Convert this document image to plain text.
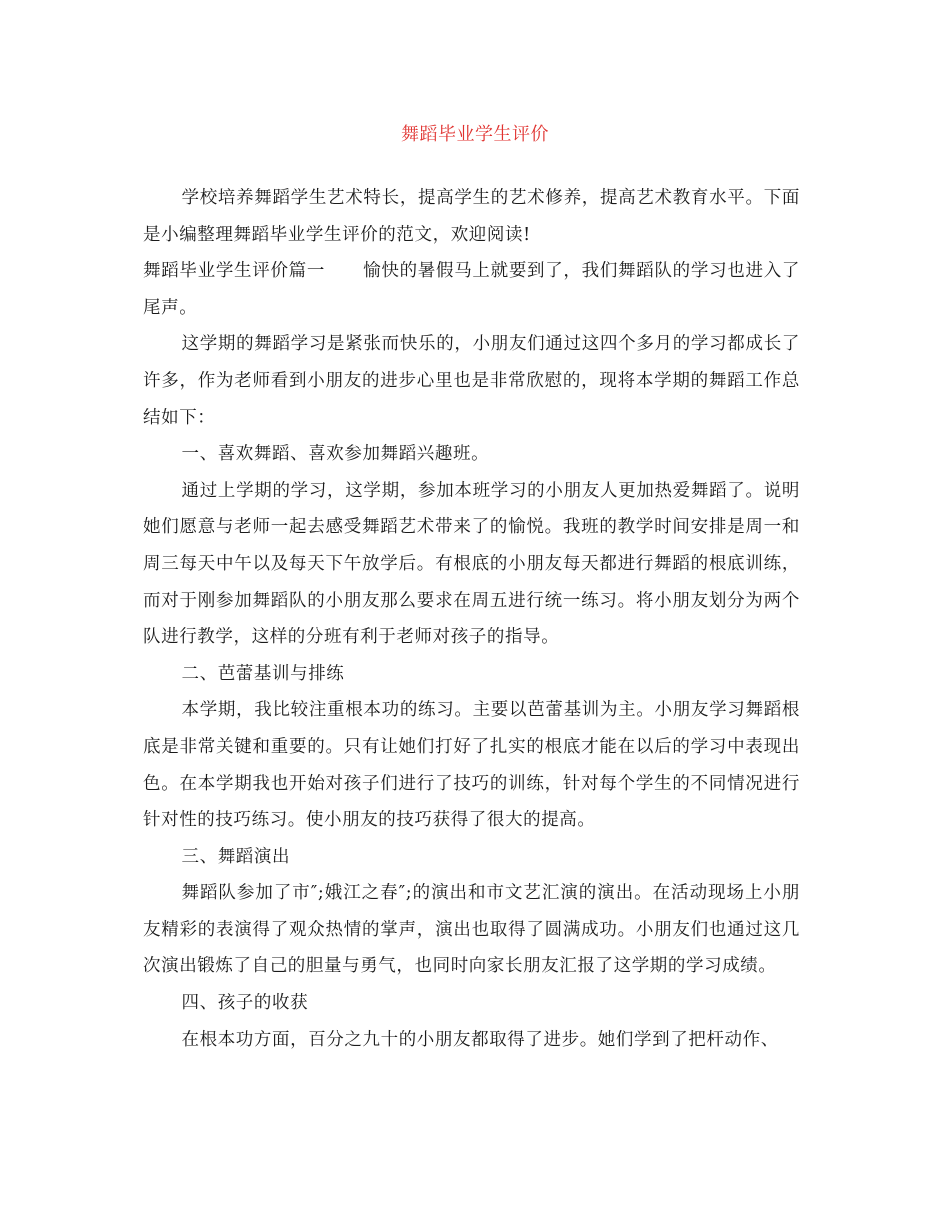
舞蹈毕业学生评价

学校培养舞蹈学生艺术特长，提高学生的艺术修养，提高艺术教育水平。下面是小编整理舞蹈毕业学生评价的范文，欢迎阅读!

舞蹈毕业学生评价篇一 愉快的暑假马上就要到了，我们舞蹈队的学习也进入了尾声。

这学期的舞蹈学习是紧张而快乐的，小朋友们通过这四个多月的学习都成长了许多，作为老师看到小朋友的进步心里也是非常欣慰的，现将本学期的舞蹈工作总结如下：

一、喜欢舞蹈、喜欢参加舞蹈兴趣班。

通过上学期的学习，这学期，参加本班学习的小朋友人更加热爱舞蹈了。说明她们愿意与老师一起去感受舞蹈艺术带来了的愉悦。我班的教学时间安排是周一和周三每天中午以及每天下午放学后。有根底的小朋友每天都进行舞蹈的根底训练，而对于刚参加舞蹈队的小朋友那么要求在周五进行统一练习。将小朋友划分为两个队进行教学，这样的分班有利于老师对孩子的指导。

二、芭蕾基训与排练

本学期，我比较注重根本功的练习。主要以芭蕾基训为主。小朋友学习舞蹈根底是非常关键和重要的。只有让她们打好了扎实的根底才能在以后的学习中表现出色。在本学期我也开始对孩子们进行了技巧的训练，针对每个学生的不同情况进行针对性的技巧练习。使小朋友的技巧获得了很大的提高。

三、舞蹈演出

舞蹈队参加了市″;娥江之春″;的演出和市文艺汇演的演出。在活动现场上小朋友精彩的表演得了观众热情的掌声，演出也取得了圆满成功。小朋友们也通过这几次演出锻炼了自己的胆量与勇气，也同时向家长朋友汇报了这学期的学习成绩。

四、孩子的收获

在根本功方面，百分之九十的小朋友都取得了进步。她们学到了把杆动作、
